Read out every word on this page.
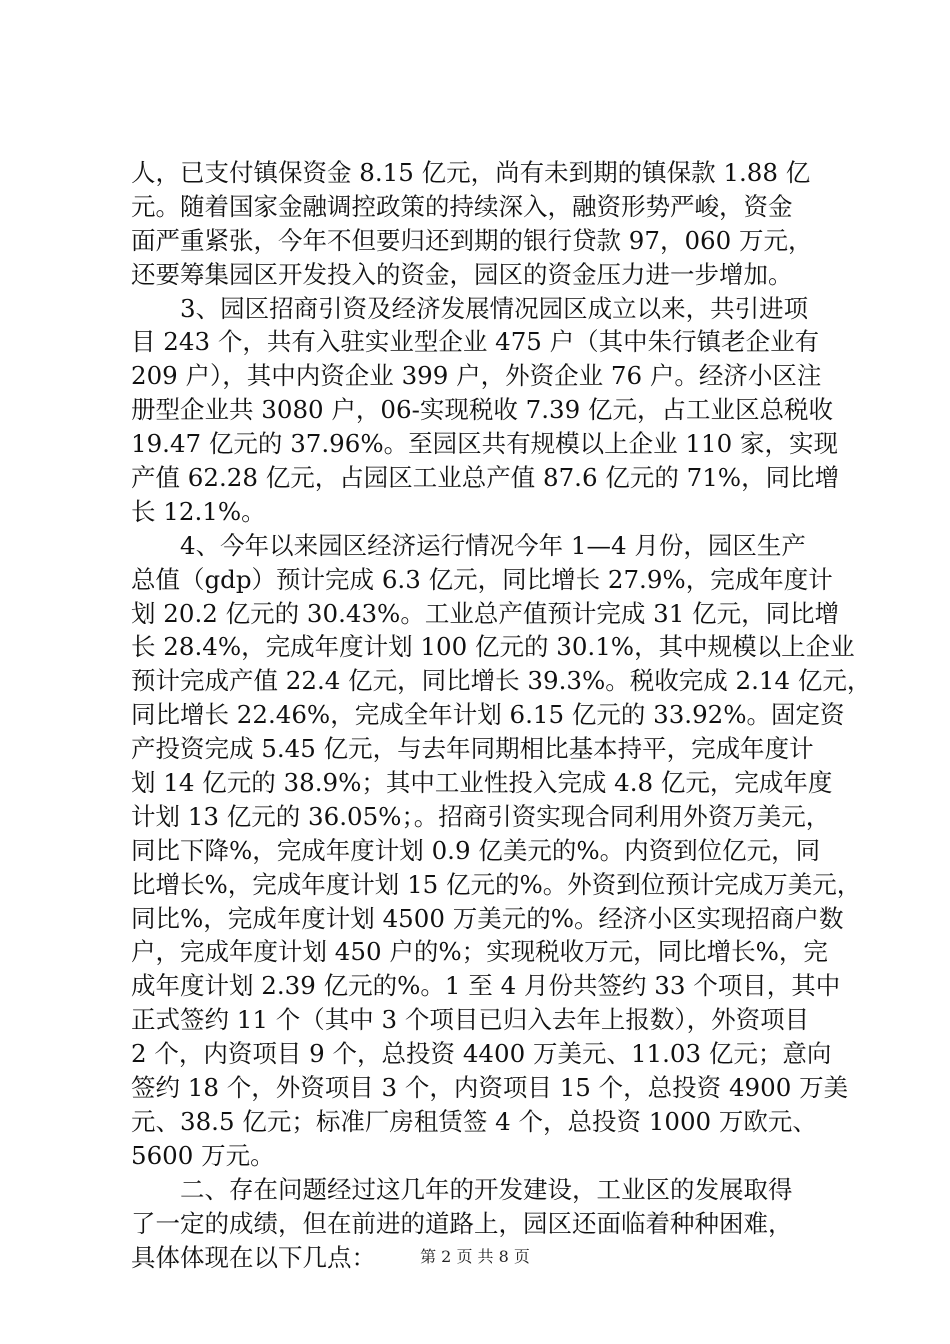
人，已支付镇保资金 8.15 亿元，尚有未到期的镇保款 1.88 亿
元。随着国家金融调控政策的持续深入，融资形势严峻，资金
面严重紧张，今年不但要归还到期的银行贷款 97，060 万元，
还要筹集园区开发投入的资金，园区的资金压力进一步增加。
　　3、园区招商引资及经济发展情况园区成立以来，共引进项
目 243 个，共有入驻实业型企业 475 户（其中朱行镇老企业有
209 户），其中内资企业 399 户，外资企业 76 户。经济小区注
册型企业共 3080 户，06-实现税收 7.39 亿元，占工业区总税收
19.47 亿元的 37.96%。至园区共有规模以上企业 110 家，实现
产值 62.28 亿元，占园区工业总产值 87.6 亿元的 71%，同比增
长 12.1%。
　　4、今年以来园区经济运行情况今年 1—4 月份，园区生产
总值（gdp）预计完成 6.3 亿元，同比增长 27.9%，完成年度计
划 20.2 亿元的 30.43%。工业总产值预计完成 31 亿元，同比增
长 28.4%，完成年度计划 100 亿元的 30.1%，其中规模以上企业
预计完成产值 22.4 亿元，同比增长 39.3%。税收完成 2.14 亿元，
同比增长 22.46%，完成全年计划 6.15 亿元的 33.92%。固定资
产投资完成 5.45 亿元，与去年同期相比基本持平，完成年度计
划 14 亿元的 38.9%；其中工业性投入完成 4.8 亿元，完成年度
计划 13 亿元的 36.05%；。招商引资实现合同利用外资万美元，
同比下降%，完成年度计划 0.9 亿美元的%。内资到位亿元，同
比增长%，完成年度计划 15 亿元的%。外资到位预计完成万美元，
同比%，完成年度计划 4500 万美元的%。经济小区实现招商户数
户，完成年度计划 450 户的%；实现税收万元，同比增长%，完
成年度计划 2.39 亿元的%。1 至 4 月份共签约 33 个项目，其中
正式签约 11 个（其中 3 个项目已归入去年上报数），外资项目
2 个，内资项目 9 个，总投资 4400 万美元、11.03 亿元；意向
签约 18 个，外资项目 3 个，内资项目 15 个，总投资 4900 万美
元、38.5 亿元；标准厂房租赁签 4 个，总投资 1000 万欧元、
5600 万元。
　　二、存在问题经过这几年的开发建设，工业区的发展取得
了一定的成绩，但在前进的道路上，园区还面临着种种困难，
具体体现在以下几点：	第 2 页 共 8 页
